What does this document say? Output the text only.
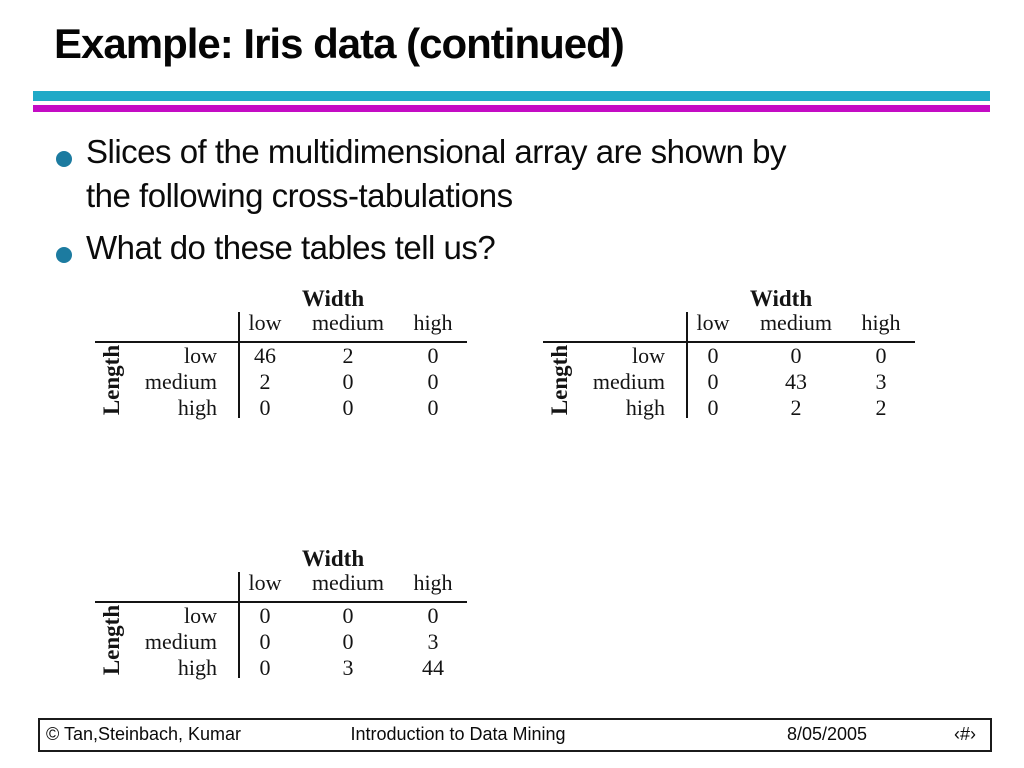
Example: Iris data (continued)
Slices of the multidimensional array are shown by
the following cross-tabulations
What do these tables tell us?
Width
low medium high
Length	low 46	2	0
medium 2	0	0
high 0	0	0
Width
low medium high
Length	low 0	0	0
medium 0	43	3
high 0	2	2
Width
low medium high
Length	low 0	0	0
medium 0	0	3
high 0	3	44
© Tan,Steinbach, Kumar	Introduction to Data Mining	8/05/2005	‹#›
